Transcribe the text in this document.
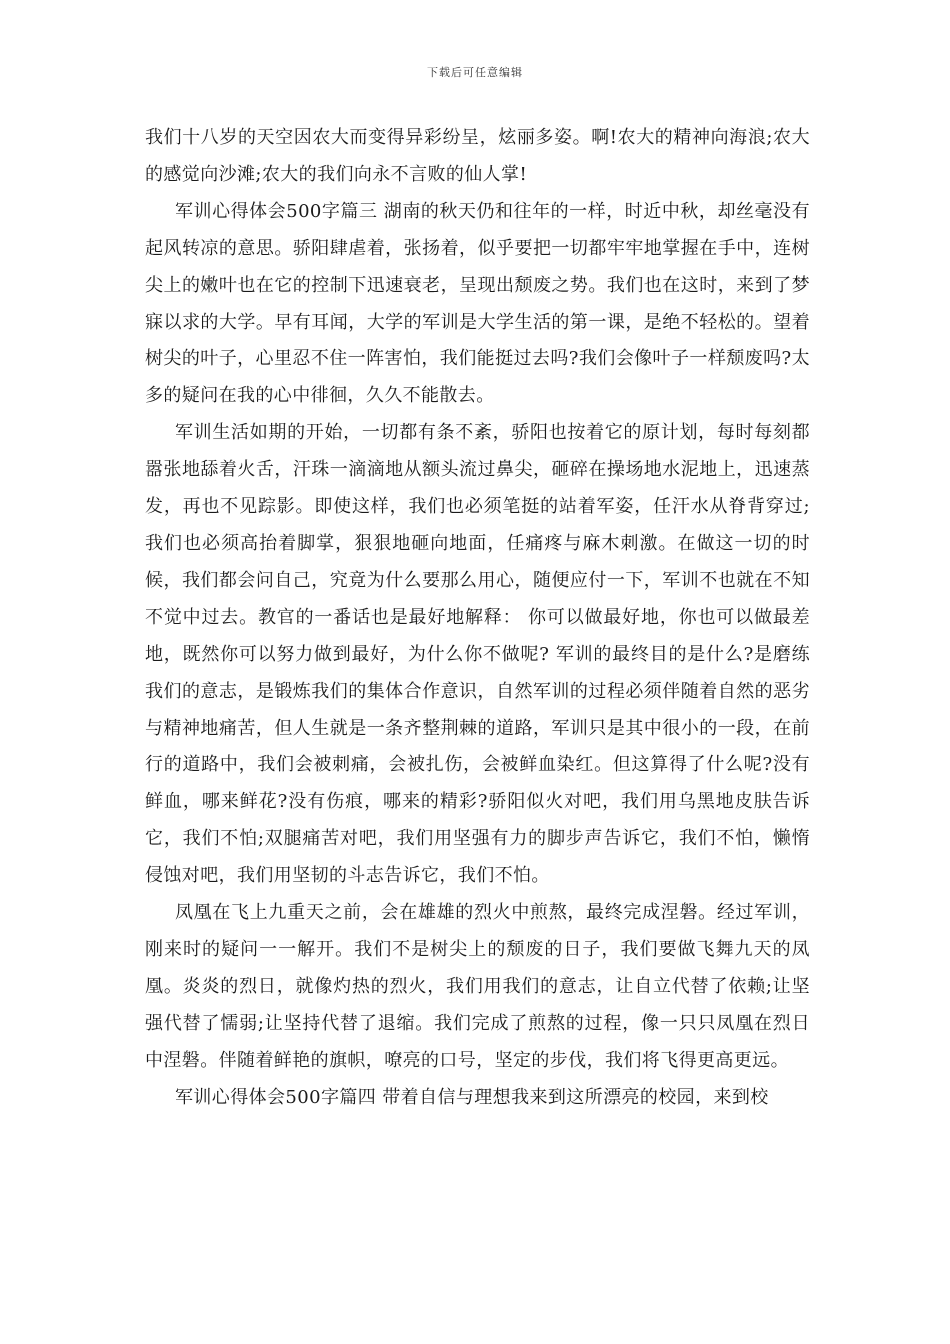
下载后可任意编辑

我们十八岁的天空因农大而变得异彩纷呈，炫丽多姿。啊!农大的精神向海浪;农大的感觉向沙滩;农大的我们向永不言败的仙人掌!

军训心得体会500字篇三 湖南的秋天仍和往年的一样，时近中秋，却丝毫没有起风转凉的意思。骄阳肆虐着，张扬着，似乎要把一切都牢牢地掌握在手中，连树尖上的嫩叶也在它的控制下迅速衰老，呈现出颓废之势。我们也在这时，来到了梦寐以求的大学。早有耳闻，大学的军训是大学生活的第一课，是绝不轻松的。望着树尖的叶子，心里忍不住一阵害怕，我们能挺过去吗?我们会像叶子一样颓废吗?太多的疑问在我的心中徘徊，久久不能散去。

军训生活如期的开始，一切都有条不紊，骄阳也按着它的原计划，每时每刻都嚣张地舔着火舌，汗珠一滴滴地从额头流过鼻尖，砸碎在操场地水泥地上，迅速蒸发，再也不见踪影。即使这样，我们也必须笔挺的站着军姿，任汗水从脊背穿过;我们也必须高抬着脚掌，狠狠地砸向地面，任痛疼与麻木刺激。在做这一切的时候，我们都会问自己，究竟为什么要那么用心，随便应付一下，军训不也就在不知不觉中过去。教官的一番话也是最好地解释： 你可以做最好地，你也可以做最差地，既然你可以努力做到最好，为什么你不做呢? 军训的最终目的是什么?是磨练我们的意志，是锻炼我们的集体合作意识，自然军训的过程必须伴随着自然的恶劣与精神地痛苦，但人生就是一条齐整荆棘的道路，军训只是其中很小的一段，在前行的道路中，我们会被刺痛，会被扎伤，会被鲜血染红。但这算得了什么呢?没有鲜血，哪来鲜花?没有伤痕，哪来的精彩?骄阳似火对吧，我们用乌黑地皮肤告诉它，我们不怕;双腿痛苦对吧，我们用坚强有力的脚步声告诉它，我们不怕，懒惰侵蚀对吧，我们用坚韧的斗志告诉它，我们不怕。

凤凰在飞上九重天之前，会在雄雄的烈火中煎熬，最终完成涅磐。经过军训，刚来时的疑问一一解开。我们不是树尖上的颓废的日子，我们要做飞舞九天的凤凰。炎炎的烈日，就像灼热的烈火，我们用我们的意志，让自立代替了依赖;让坚强代替了懦弱;让坚持代替了退缩。我们完成了煎熬的过程，像一只只凤凰在烈日中涅磐。伴随着鲜艳的旗帜，嘹亮的口号，坚定的步伐，我们将飞得更高更远。

军训心得体会500字篇四 带着自信与理想我来到这所漂亮的校园，来到校
